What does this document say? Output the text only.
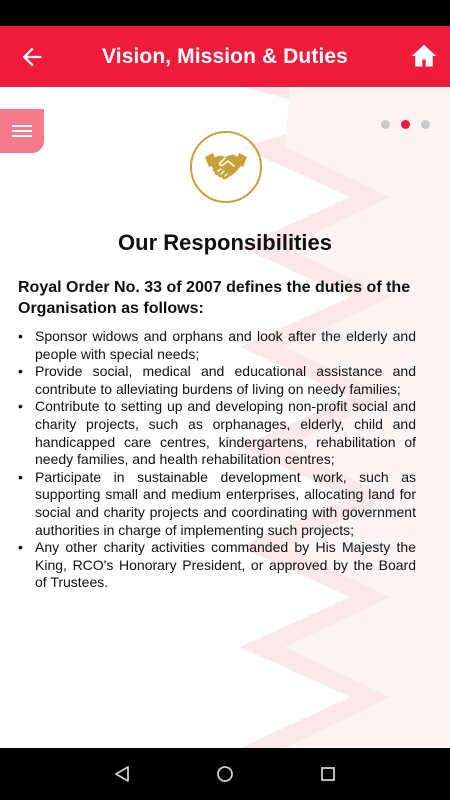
Vision, Mission & Duties
Our Responsibilities
Royal Order No. 33 of 2007 defines the duties of the Organisation as follows:
• Sponsor widows and orphans and look after the elderly and people with special needs;
• Provide social, medical and educational assistance and contribute to alleviating burdens of living on needy families;
• Contribute to setting up and developing non-profit social and charity projects, such as orphanages, elderly, child and handicapped care centres, kindergartens, rehabilitation of needy families, and health rehabilitation centres;
• Participate in sustainable development work, such as supporting small and medium enterprises, allocating land for social and charity projects and coordinating with government authorities in charge of implementing such projects;
• Any other charity activities commanded by His Majesty the King, RCO's Honorary President, or approved by the Board of Trustees.
